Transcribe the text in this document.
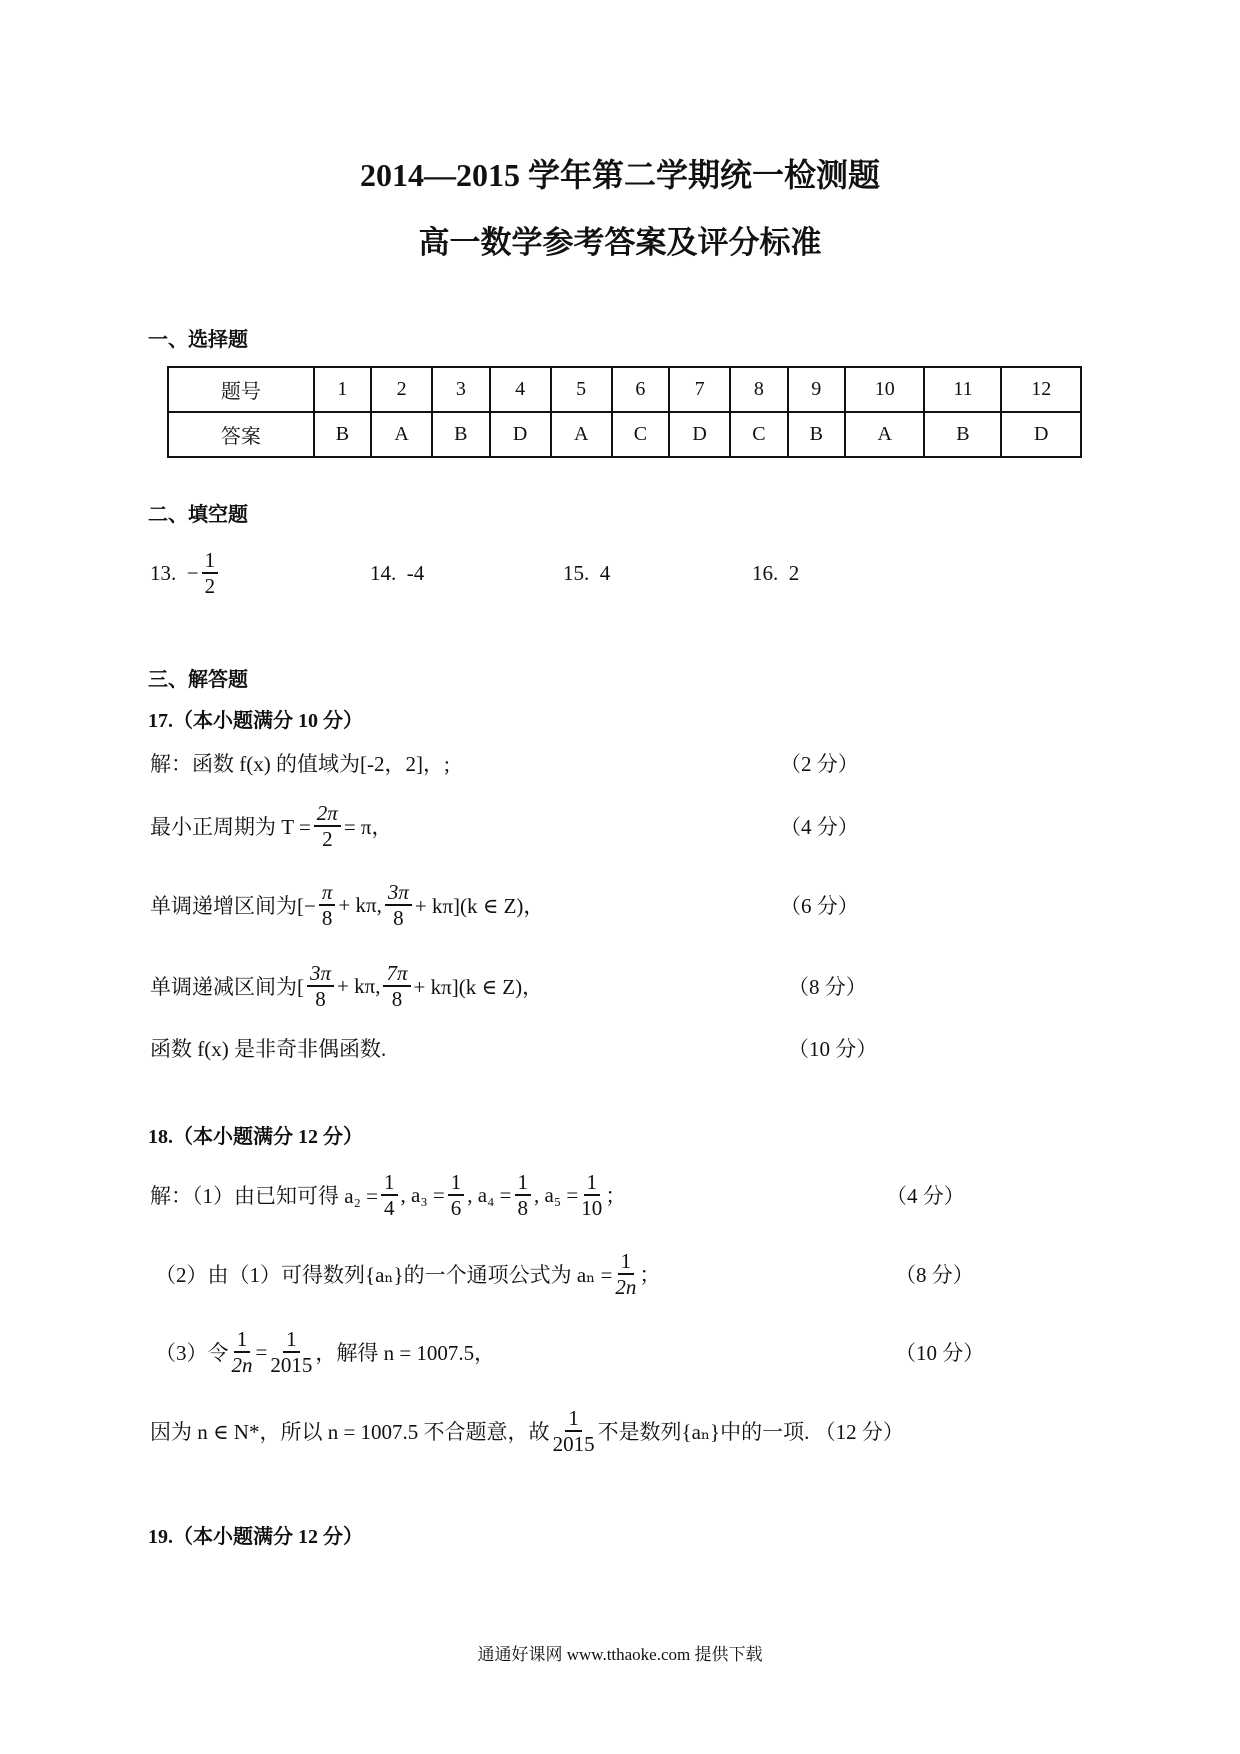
2014—2015 学年第二学期统一检测题
高一数学参考答案及评分标准
一、选择题
题号	1	2	3	4	5	6	7	8	9	10	11	12
答案	B	A	B	D	A	C	D	C	B	A	B	D
二、填空题
13.
− $\frac{1}{2}$	14.
-4	15.
4	16.
2
三、解答题
17.（本小题满分 10 分）
解：函数 f(x) 的值域为[-2，2]，;	（2 分）
最小正周期为 $T = \frac{2\pi}{2} = \pi$，	（4 分）
单调递增区间为[− $\frac{\pi}{8} + k\pi$, $\frac{3\pi}{8} + k\pi](k$ ∈ Z)，	（6 分）
单调递减区间为[ $\frac{3\pi}{8} + k\pi$, $\frac{7\pi}{8} + k\pi](k$ ∈ Z)，	（8 分）
函数 f(x) 是非奇非偶函数.	（10 分）
18.（本小题满分 12 分）
解：（1）由已知可得 $a_2 = \frac{1}{4}$ , $a_3 = \frac{1}{6}$ , $a_4 = \frac{1}{8}$ , $a_5 = \frac{1}{10}$ ；	（4 分）
（2）由（1）可得数列{aₙ}的一个通项公式为 $a_n = \frac{1}{2n}$ ；	（8 分）
（3）令 $\frac{1}{2n} = \frac{1}{2015}$ ，解得 n = 1007.5，	（10 分）
因为 n ∈ N*，所以 n = 1007.5 不合题意，故 $\frac{1}{2015}$ 不是数列{aₙ}中的一项.
（12 分）
19.（本小题满分 12 分）
通通好课网 www.tthaoke.com 提供下载
